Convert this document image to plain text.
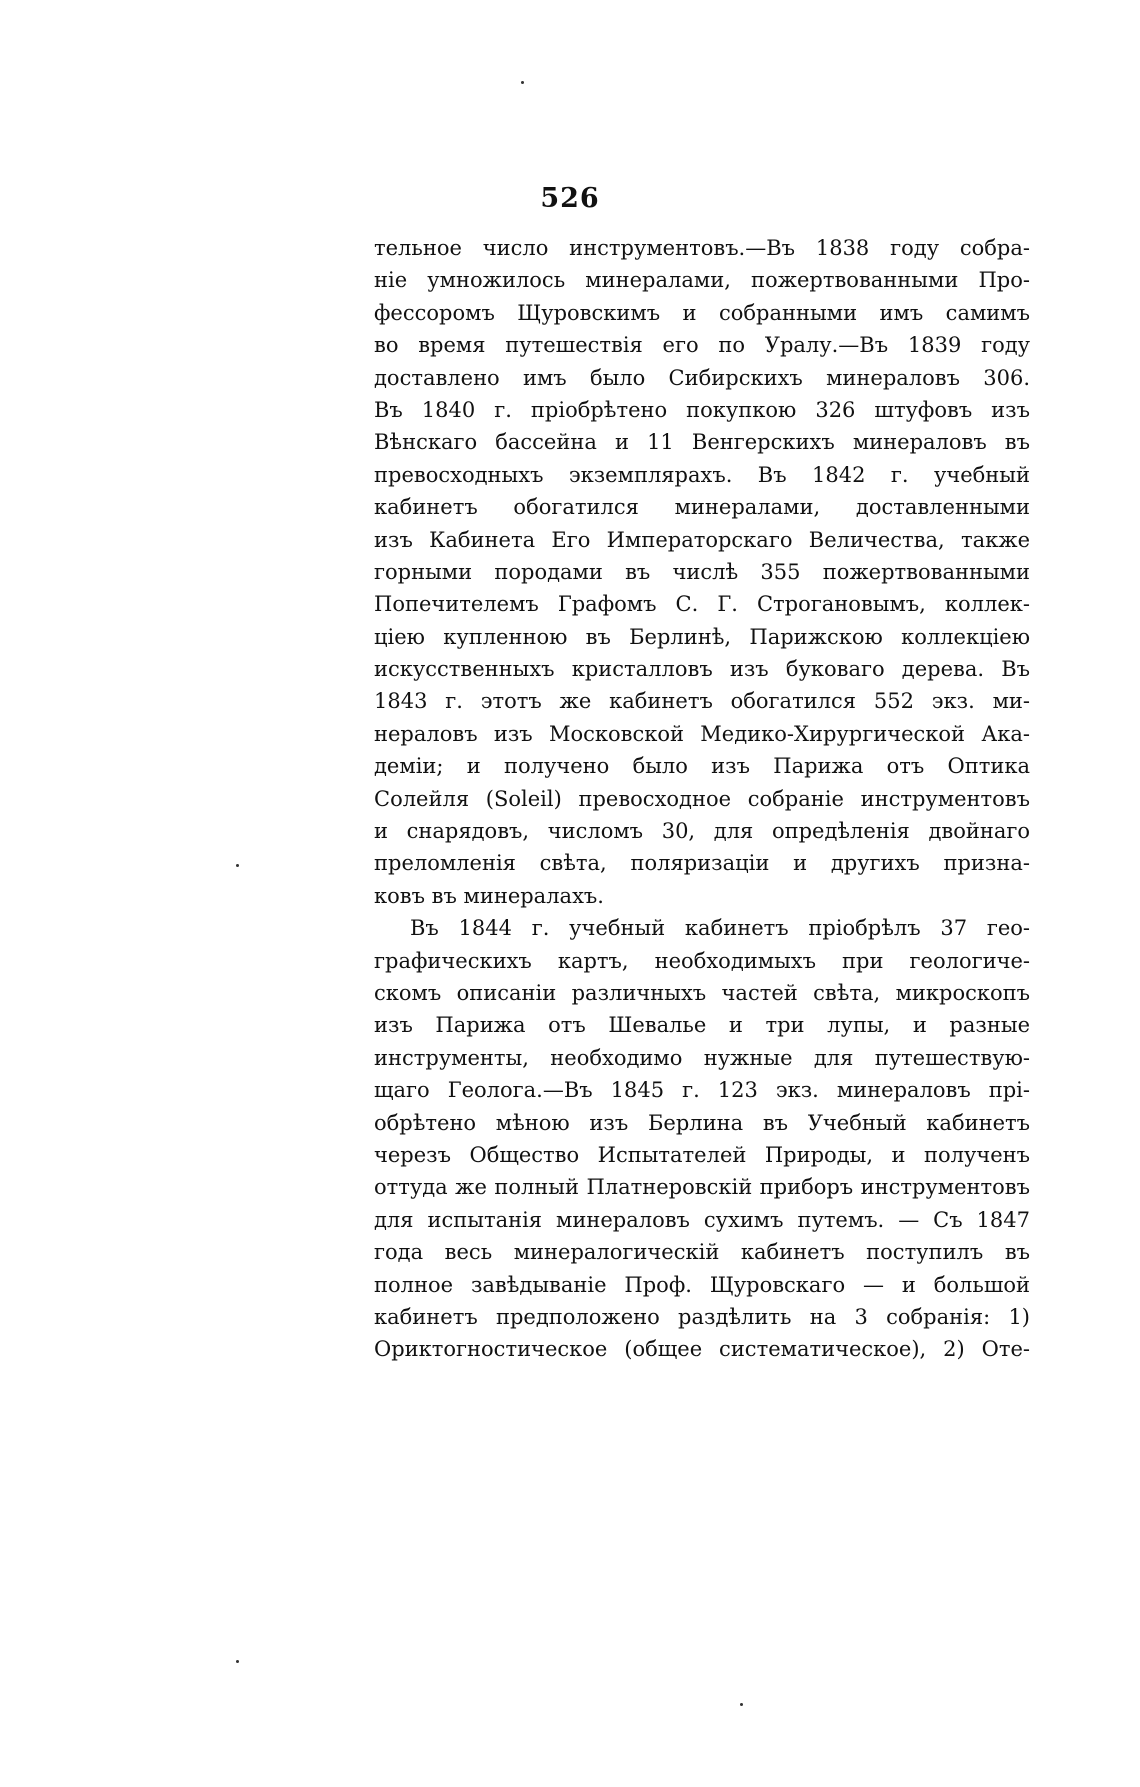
526
тельное число инструментовъ.—Въ 1838 году собра-
ніе умножилось минералами, пожертвованными Про-
фессоромъ Щуровскимъ и собранными имъ самимъ
во время путешествія его по Уралу.—Въ 1839 году
доставлено имъ было Сибирскихъ минераловъ 306.
Въ 1840 г. пріобрѣтено покупкою 326 штуфовъ изъ
Вѣнскаго бассейна и 11 Венгерскихъ минераловъ въ
превосходныхъ экземплярахъ. Въ 1842 г. учебный
кабинетъ обогатился минералами, доставленными
изъ Кабинета Его Императорскаго Величества, также
горными породами въ числѣ 355 пожертвованными
Попечителемъ Графомъ С. Г. Строгановымъ, коллек-
ціею купленною въ Берлинѣ, Парижскою коллекціею
искусственныхъ кристалловъ изъ буковаго дерева. Въ
1843 г. этотъ же кабинетъ обогатился 552 экз. ми-
нераловъ изъ Московской Медико-Хирургической Ака-
деміи; и получено было изъ Парижа отъ Оптика
Солейля (Soleil) превосходное собраніе инструментовъ
и снарядовъ, числомъ 30, для опредѣленія двойнаго
преломленія свѣта, поляризаціи и другихъ призна-
ковъ въ минералахъ.
Въ 1844 г. учебный кабинетъ пріобрѣлъ 37 гео-
графическихъ картъ, необходимыхъ при геологиче-
скомъ описаніи различныхъ частей свѣта, микроскопъ
изъ Парижа отъ Шевалье и три лупы, и разные
инструменты, необходимо нужные для путешествую-
щаго Геолога.—Въ 1845 г. 123 экз. минераловъ прі-
обрѣтено мѣною изъ Берлина въ Учебный кабинетъ
черезъ Общество Испытателей Природы, и полученъ
оттуда же полный Платнеровскій приборъ инструментовъ
для испытанія минераловъ сухимъ путемъ. — Съ 1847
года весь минералогическій кабинетъ поступилъ въ
полное завѣдываніе Проф. Щуровскаго — и большой
кабинетъ предположено раздѣлить на 3 собранія: 1)
Ориктогностическое (общее систематическое), 2) Оте-
